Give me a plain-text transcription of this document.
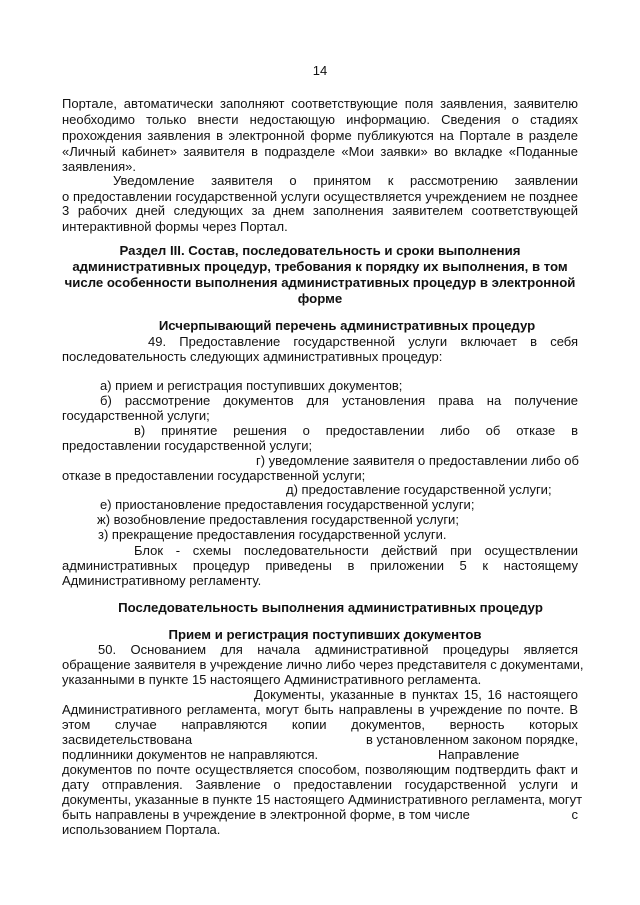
14
Портале, автоматически заполняют соответствующие поля заявления, заявителю
необходимо только внести недостающую информацию. Сведения о стадиях
прохождения заявления в электронной форме публикуются на Портале в разделе
«Личный кабинет» заявителя в подразделе «Мои заявки» во вкладке «Поданные
заявления».
Уведомление заявителя о принятом к рассмотрению заявлении
о предоставлении государственной услуги осуществляется учреждением не позднее
3 рабочих дней следующих за днем заполнения заявителем соответствующей
интерактивной формы через Портал.
Раздел III. Состав, последовательность и сроки выполнения
административных процедур, требования к порядку их выполнения, в том
числе особенности выполнения административных процедур в электронной
форме
Исчерпывающий перечень административных процедур
49. Предоставление государственной услуги включает в себя
последовательность следующих административных процедур:
а) прием и регистрация поступивших документов;
б) рассмотрение документов для установления права на получение
государственной услуги;
в) принятие решения о предоставлении либо об отказе в
предоставлении государственной услуги;
г) уведомление заявителя о предоставлении либо об
отказе в предоставлении государственной услуги;
д) предоставление государственной услуги;
е) приостановление предоставления государственной услуги;
ж) возобновление предоставления государственной услуги;
з) прекращение предоставления государственной услуги.
Блок - схемы последовательности действий при осуществлении
административных процедур приведены в приложении 5 к настоящему
Административному регламенту.
Последовательность выполнения административных процедур
Прием и регистрация поступивших документов
50. Основанием для начала административной процедуры является
обращение заявителя в учреждение лично либо через представителя с документами,
указанными в пункте 15 настоящего Административного регламента.
Документы, указанные в пунктах 15, 16 настоящего
Административного регламента, могут быть направлены в учреждение по почте. В
этом случае направляются копии документов, верность которых
засвидетельствована	в установленном законом порядке,
подлинники документов не направляются.	Направление
документов по почте осуществляется способом, позволяющим подтвердить факт и
дату отправления. Заявление о предоставлении государственной услуги и
документы, указанные в пункте 15 настоящего Административного регламента, могут
быть направлены в учреждение в электронной форме, в том числе	с
использованием Портала.
